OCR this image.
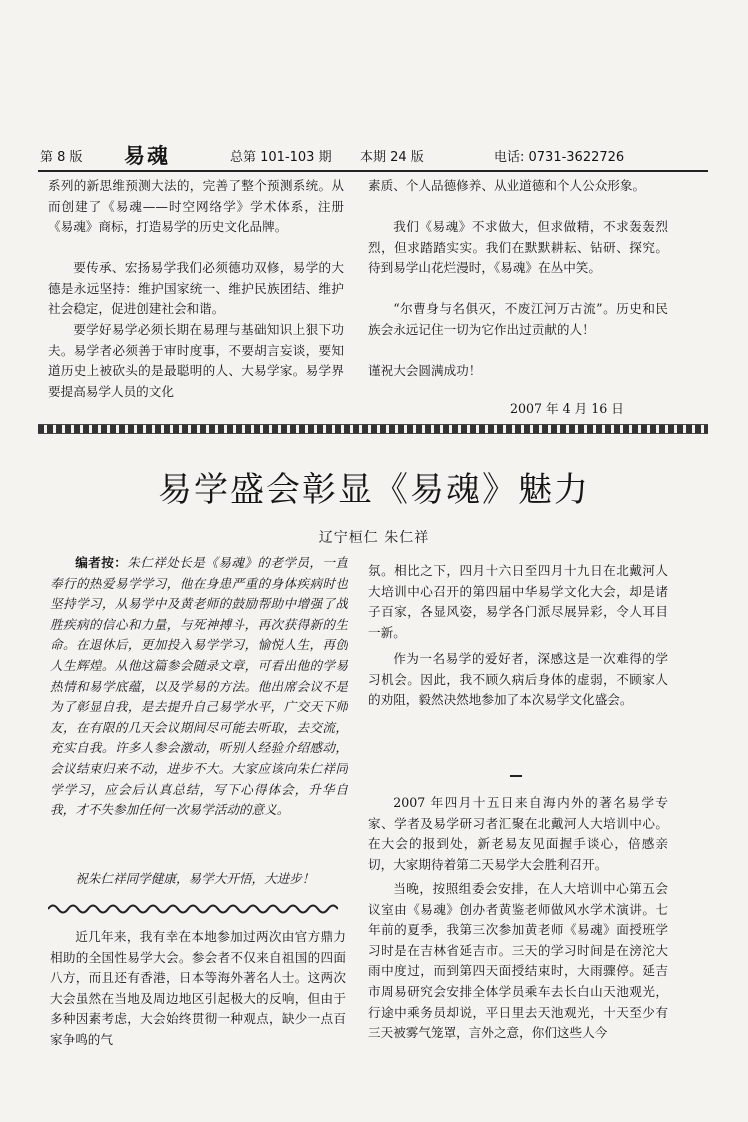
第 8 版 易魂	总第 101-103 期 本期 24 版	电话: 0731-3622726

系列的新思维预测大法的，完善了整个预测系统。从而创建了《易魂——时空网络学》学术体系，注册《易魂》商标，打造易学的历史文化品牌。

要传承、宏扬易学我们必须德功双修，易学的大德是永远坚持：维护国家统一、维护民族团结、维护社会稳定，促进创建社会和谐。

要学好易学必须长期在易理与基础知识上狠下功夫。易学者必须善于审时度事，不要胡言妄谈，要知道历史上被砍头的是最聪明的人、大易学家。易学界要提高易学人员的文化

素质、个人品德修养、从业道德和个人公众形象。

我们《易魂》不求做大，但求做精，不求轰轰烈烈，但求踏踏实实。我们在默默耕耘、钻研、探究。待到易学山花烂漫时，《易魂》在丛中笑。

“尔曹身与名俱灭，不废江河万古流”。历史和民族会永远记住一切为它作出过贡献的人！

谨祝大会圆满成功！

2007 年 4 月 16 日
易学盛会彰显《易魂》魅力
辽宁桓仁 朱仁祥

编者按：朱仁祥处长是《易魂》的老学员，一直奉行的热爱易学学习，他在身患严重的身体疾病时也坚持学习，从易学中及黄老师的鼓励帮助中增强了战胜疾病的信心和力量，与死神搏斗，再次获得新的生命。在退休后，更加投入易学学习，愉悦人生，再创人生辉煌。从他这篇参会随录文章，可看出他的学易热情和易学底蕴，以及学易的方法。他出席会议不是为了彰显自我，是去提升自己易学水平，广交天下师友，在有限的几天会议期间尽可能去听取，去交流，充实自我。许多人参会激动，听别人经验介绍感动，会议结束归来不动，进步不大。大家应该向朱仁祥同学学习，应会后认真总结，写下心得体会，升华自我，才不失参加任何一次易学活动的意义。

祝朱仁祥同学健康，易学大开悟，大进步！

近几年来，我有幸在本地参加过两次由官方鼎力相助的全国性易学大会。参会者不仅来自祖国的四面八方，而且还有香港，日本等海外著名人士。这两次大会虽然在当地及周边地区引起极大的反响，但由于多种因素考虑，大会始终贯彻一种观点，缺少一点百家争鸣的气

氛。相比之下，四月十六日至四月十九日在北戴河人大培训中心召开的第四届中华易学文化大会，却是诸子百家，各显风姿，易学各门派尽展异彩，令人耳目一新。

作为一名易学的爱好者，深感这是一次难得的学习机会。因此，我不顾久病后身体的虚弱，不顾家人的劝阻，毅然决然地参加了本次易学文化盛会。

2007 年四月十五日来自海内外的著名易学专家、学者及易学研习者汇聚在北戴河人大培训中心。在大会的报到处，新老易友见面握手谈心，倍感亲切，大家期待着第二天易学大会胜利召开。

当晚，按照组委会安排，在人大培训中心第五会议室由《易魂》创办者黄鉴老师做风水学术演讲。七年前的夏季，我第三次参加黄老师《易魂》面授班学习时是在吉林省延吉市。三天的学习时间是在滂沱大雨中度过，而到第四天面授结束时，大雨骤停。延吉市周易研究会安排全体学员乘车去长白山天池观光，行途中乘务员却说，平日里去天池观光，十天至少有三天被雾气笼罩，言外之意，你们这些人今
